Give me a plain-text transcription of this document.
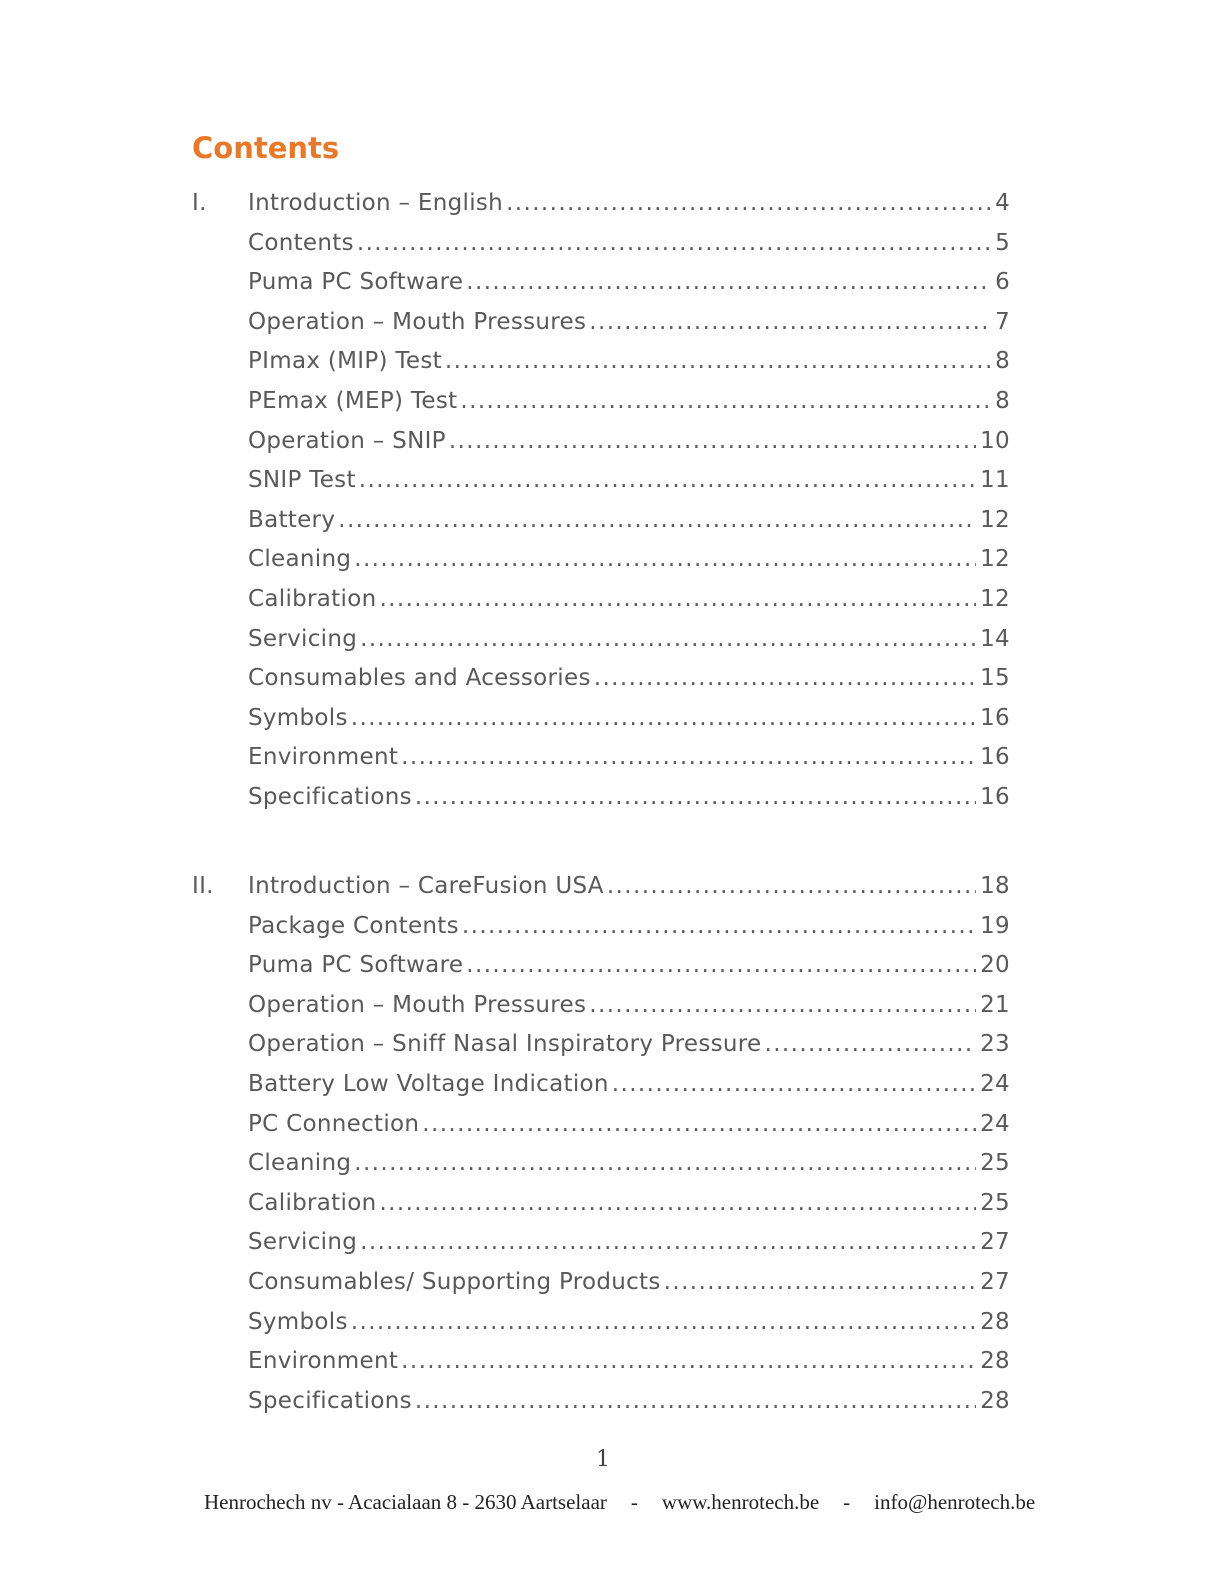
Contents
I. Introduction – English .....	4
Contents .....	5
Puma PC Software .....	6
Operation – Mouth Pressures .....	7
PImax (MIP) Test .....	8
PEmax (MEP) Test .....	8
Operation – SNIP .....	10
SNIP Test .....	11
Battery .....	12
Cleaning .....	12
Calibration .....	12
Servicing .....	14
Consumables and Acessories .....	15
Symbols .....	16
Environment .....	16
Specifications .....	16
II. Introduction – CareFusion USA .....	18
Package Contents .....	19
Puma PC Software .....	20
Operation – Mouth Pressures .....	21
Operation – Sniff Nasal Inspiratory Pressure .....	23
Battery Low Voltage Indication .....	24
PC Connection .....	24
Cleaning .....	25
Calibration .....	25
Servicing .....	27
Consumables/ Supporting Products .....	27
Symbols .....	28
Environment .....	28
Specifications .....	28
1
Henrochech nv - Acacialaan 8 - 2630 Aartselaar - www.henrotech.be - info@henrotech.be
